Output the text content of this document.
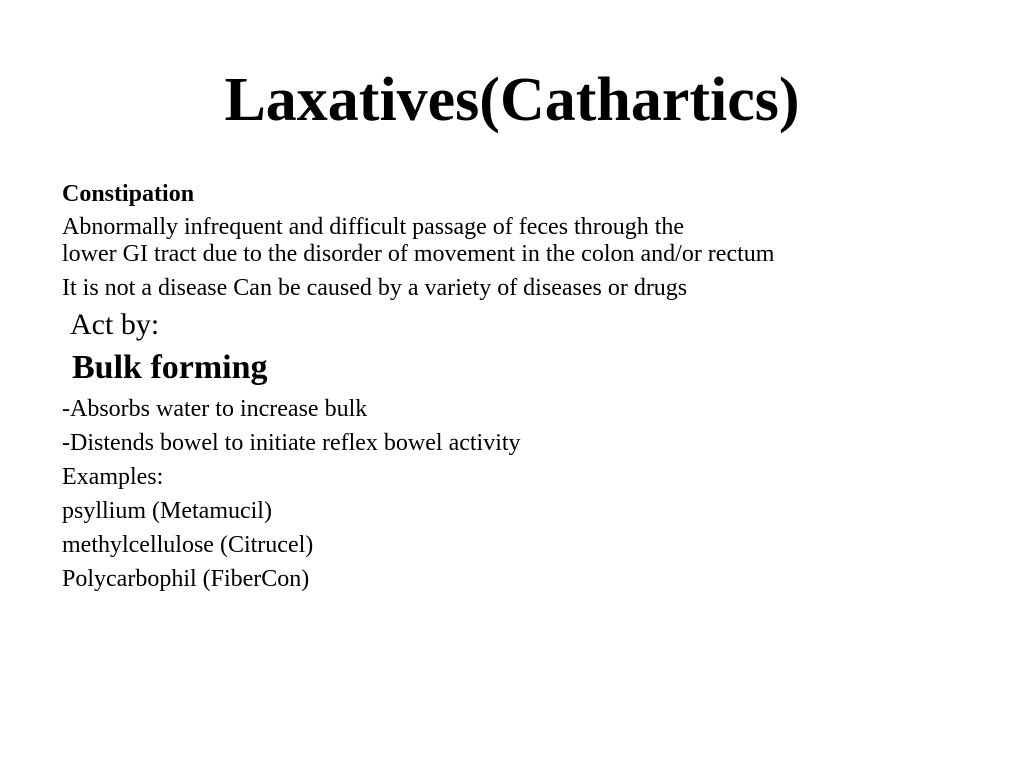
Laxatives(Cathartics)
Constipation
Abnormally infrequent and difficult passage of feces through the
lower GI tract due to the disorder of movement in the colon and/or rectum
It is not a disease Can be caused by a variety of diseases or drugs
Act by:
Bulk forming
-Absorbs water to increase bulk
-Distends bowel to initiate reflex bowel activity
Examples:
psyllium (Metamucil)
methylcellulose (Citrucel)
Polycarbophil (FiberCon)
